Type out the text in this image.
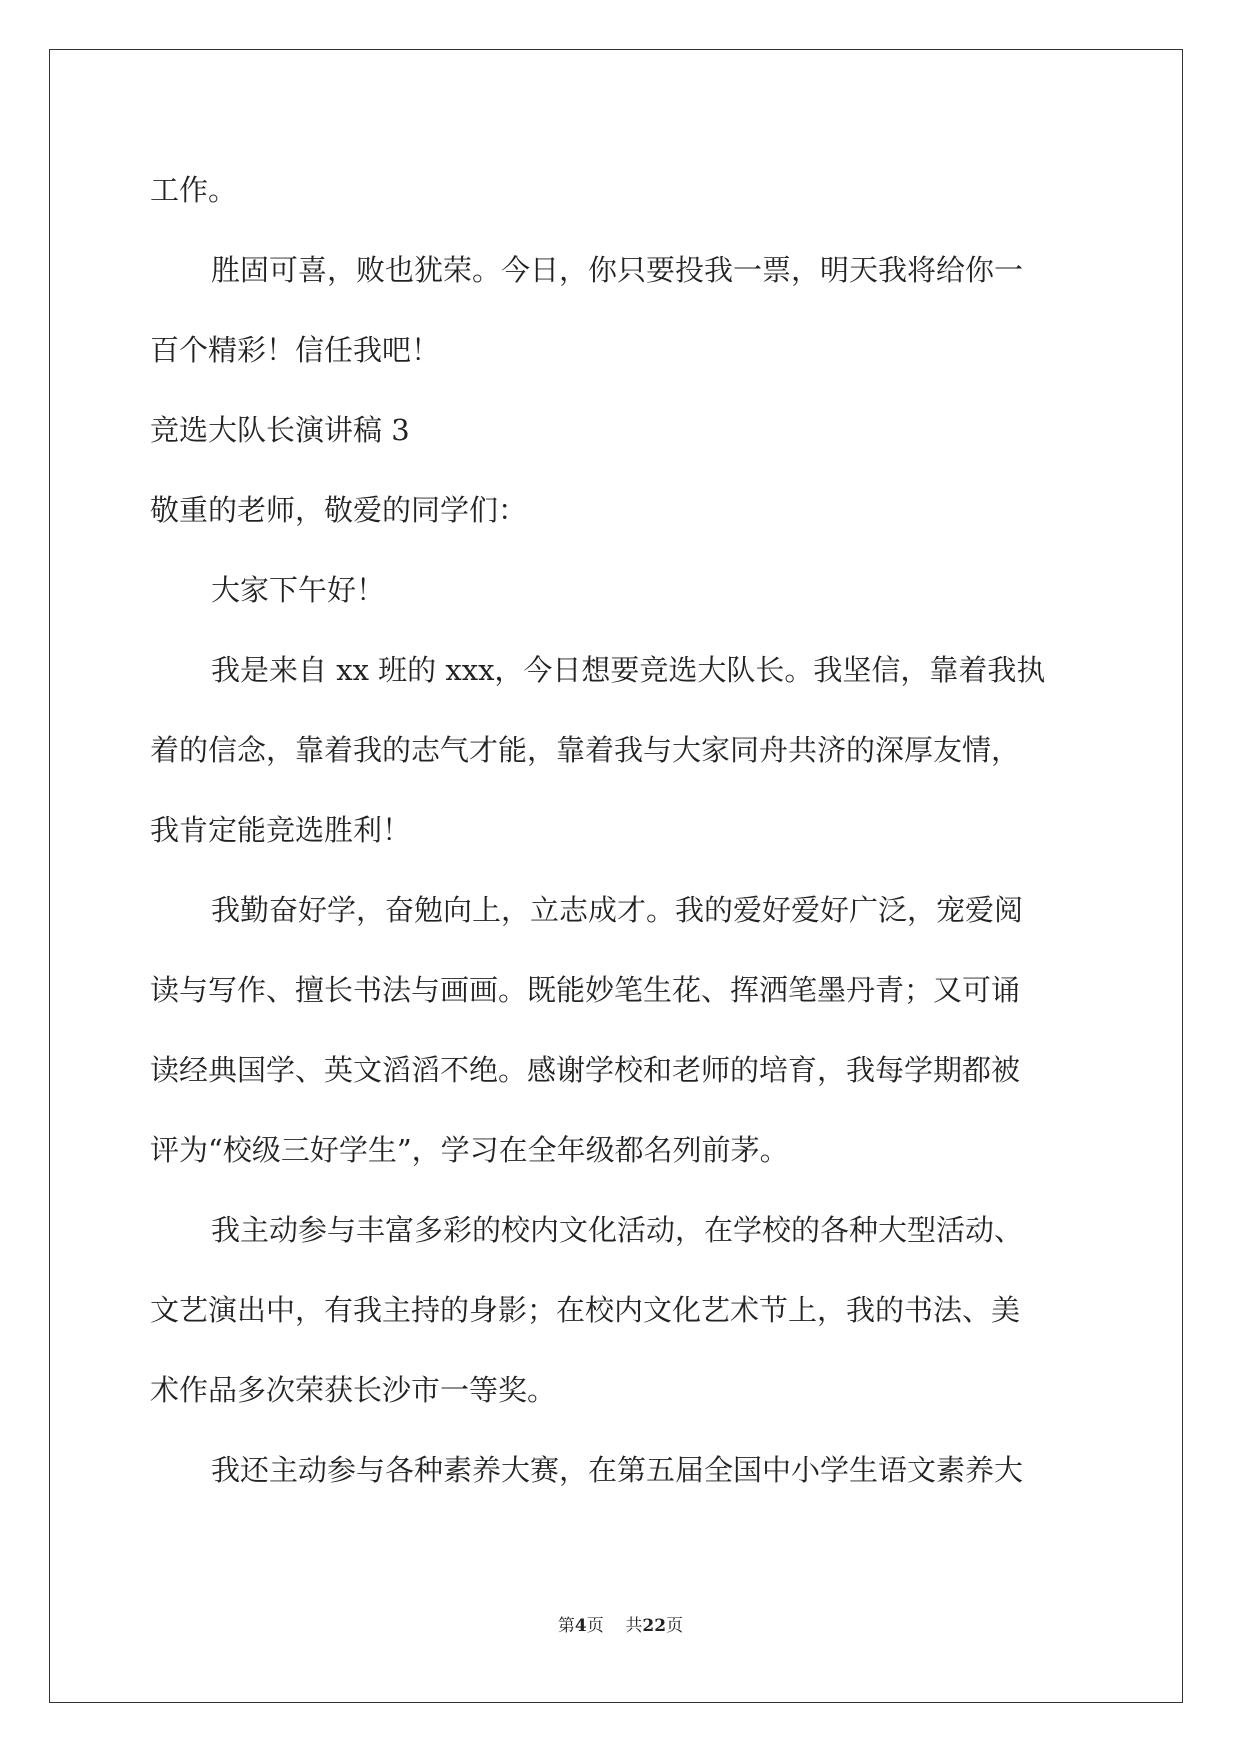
工作。

胜固可喜，败也犹荣。今日，你只要投我一票，明天我将给你一

百个精彩！信任我吧！

竞选大队长演讲稿 3

敬重的老师，敬爱的同学们：

大家下午好！

我是来自 xx 班的 xxx，今日想要竞选大队长。我坚信，靠着我执

着的信念，靠着我的志气才能，靠着我与大家同舟共济的深厚友情，

我肯定能竞选胜利！

我勤奋好学，奋勉向上，立志成才。我的爱好爱好广泛，宠爱阅

读与写作、擅长书法与画画。既能妙笔生花、挥洒笔墨丹青；又可诵

读经典国学、英文滔滔不绝。感谢学校和老师的培育，我每学期都被

评为“校级三好学生”，学习在全年级都名列前茅。

我主动参与丰富多彩的校内文化活动，在学校的各种大型活动、

文艺演出中，有我主持的身影；在校内文化艺术节上，我的书法、美

术作品多次荣获长沙市一等奖。

我还主动参与各种素养大赛，在第五届全国中小学生语文素养大

第4页 共22页
